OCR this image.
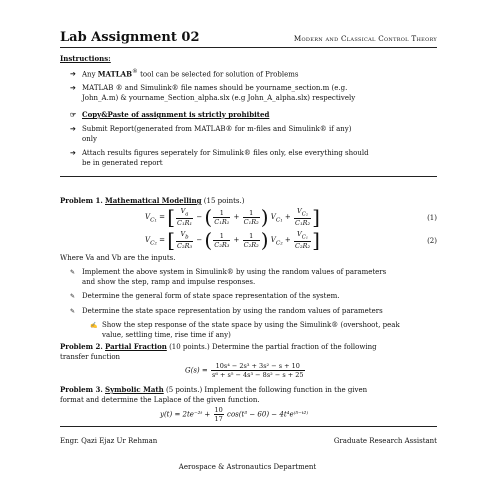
Lab Assignment 02	Modern and Classical Control Theory
Instructions:
➔ Any MATLAB® tool can be selected for solution of Problems
➔ MATLAB ® and Simulink® file names should be yourname_section.m (e.g.
John_A.m) & yourname_Section_alpha.slx (e.g John_A_alpha.slx) respectively
☞ Copy&Paste of assignment is strictly prohibited
➔ Submit Report(generated from MATLAB® for m-files and Simulink® if any)
only
➔ Attach results figures seperately for Simulink® files only, else everything should
be in generated report
Problem 1. Mathematical Modelling (15 points.)
$V_{C_1}$ = [ $\frac{V_a}{\text{C₁R₁}}$ − ( $\frac{1}{\text{C₁R₁}} + \frac{1}{\text{C₁R₂}}$ ) $V_{C_1} + \frac{V_{C_2}}{\text{C₁R₂}}$ ]	(1)
$V_{C_2}$ = [ $\frac{V_b}{\text{C₂R₃}}$ − ( $\frac{1}{\text{C₂R₃}} + \frac{1}{\text{C₂R₂}}$ ) $V_{C_2} + \frac{V_{C_1}}{\text{C₂R₂}}$ ]	(2)
Where Va and Vb are the inputs.
✎ Implement the above system in Simulink® by using the random values of parameters
and show the step, ramp and impulse responses.
✎ Determine the general form of state space representation of the system.
✎ Determine the state space representation by using the random values of parameters
✍ Show the step response of the state space by using the Simulink® (overshoot, peak
value, settling time, rise time if any)
Problem 2. Partial Fraction (10 points.) Determine the partial fraction of the following
transfer function
$G(s) = \frac{\text{10s⁴ − 2s³ + 3s² − s + 10}}{\text{s⁶ + s⁵ − 4s³ − 8s² − s + 25}}$
Problem 3. Symbolic Math (5 points.) Implement the following function in the given
format and determine the Laplace of the given function.
y(t) = 2te⁻²ᵗ + $\frac{10}{17} \cos(t^3 - 60)$ − 4t⁴e⁽⁵⁻ᵗ²⁾
Engr. Qazi Ejaz Ur Rehman	Graduate Research Assistant
Aerospace & Astronautics Department
